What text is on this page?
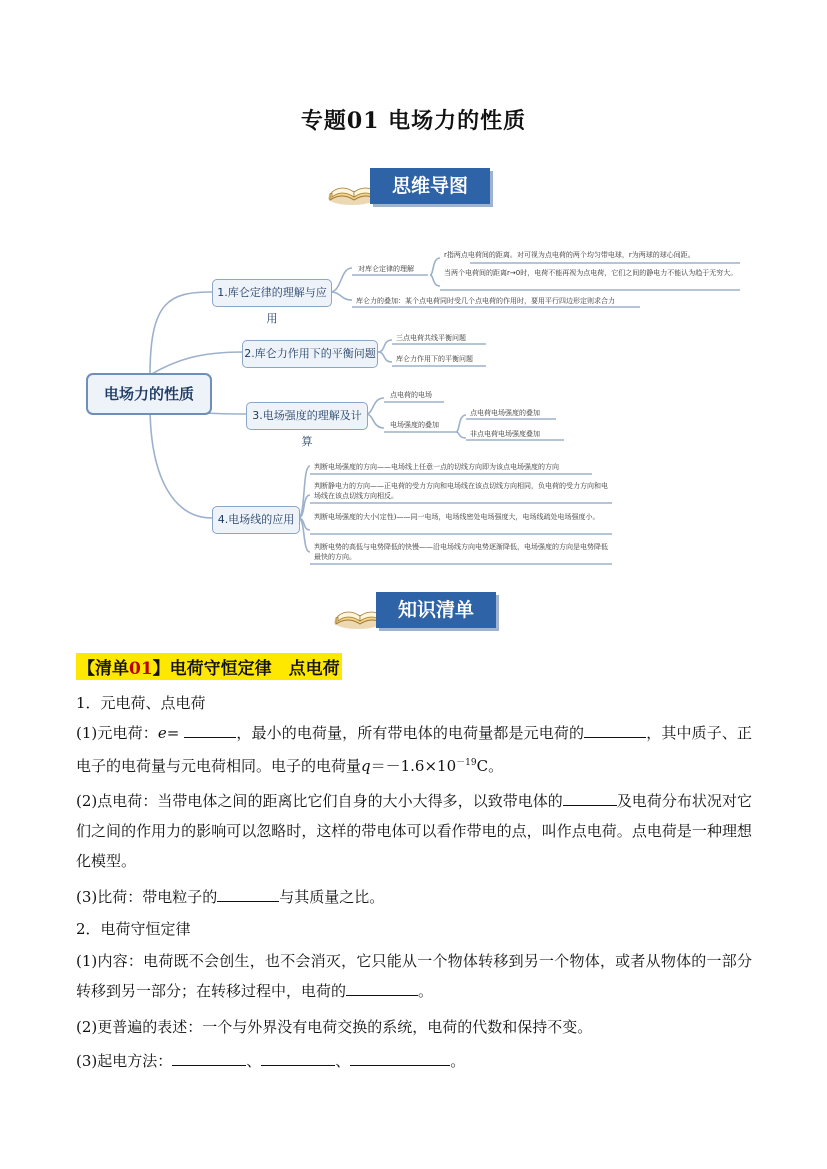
专题01 电场力的性质
思维导图
电场力的性质
1.库仑定律的理解与应用
2.库仑力作用下的平衡问题
3.电场强度的理解及计算
4.电场线的应用
对库仑定律的理解
r指两点电荷间的距离。对可视为点电荷的两个均匀带电球，r为两球的球心间距。
当两个电荷间的距离r→0时，电荷不能再视为点电荷，它们之间的静电力不能认为趋于无穷大。
库仑力的叠加：某个点电荷同时受几个点电荷的作用时，要用平行四边形定则求合力
三点电荷共线平衡问题
库仑力作用下的平衡问题
点电荷的电场
电场强度的叠加
点电荷电场强度的叠加
非点电荷电场强度叠加
判断电场强度的方向——电场线上任意一点的切线方向即为该点电场强度的方向
判断静电力的方向——正电荷的受力方向和电场线在该点切线方向相同，负电荷的受力方向和电场线在该点切线方向相反。
判断电场强度的大小(定性)——同一电场，电场线密处电场强度大，电场线疏处电场强度小。
判断电势的高低与电势降低的快慢——沿电场线方向电势逐渐降低，电场强度的方向是电势降低最快的方向。
知识清单
【清单01】电荷守恒定律　点电荷
1．元电荷、点电荷
(1)元电荷：e=	，最小的电荷量，所有带电体的电荷量都是元电荷的	，其中质子、正电子的电荷量与元电荷相同。电子的电荷量$q=-1.6\times 10^{-19}C$。
(2)点电荷：当带电体之间的距离比它们自身的大小大得多，以致带电体的	及电荷分布状况对它们之间的作用力的影响可以忽略时，这样的带电体可以看作带电的点，叫作点电荷。点电荷是一种理想化模型。
(3)比荷：带电粒子的	与其质量之比。
2．电荷守恒定律
(1)内容：电荷既不会创生，也不会消灭，它只能从一个物体转移到另一个物体，或者从物体的一部分转移到另一部分；在转移过程中，电荷的	。
(2)更普遍的表述：一个与外界没有电荷交换的系统，电荷的代数和保持不变。
(3)起电方法：	、	、	。
